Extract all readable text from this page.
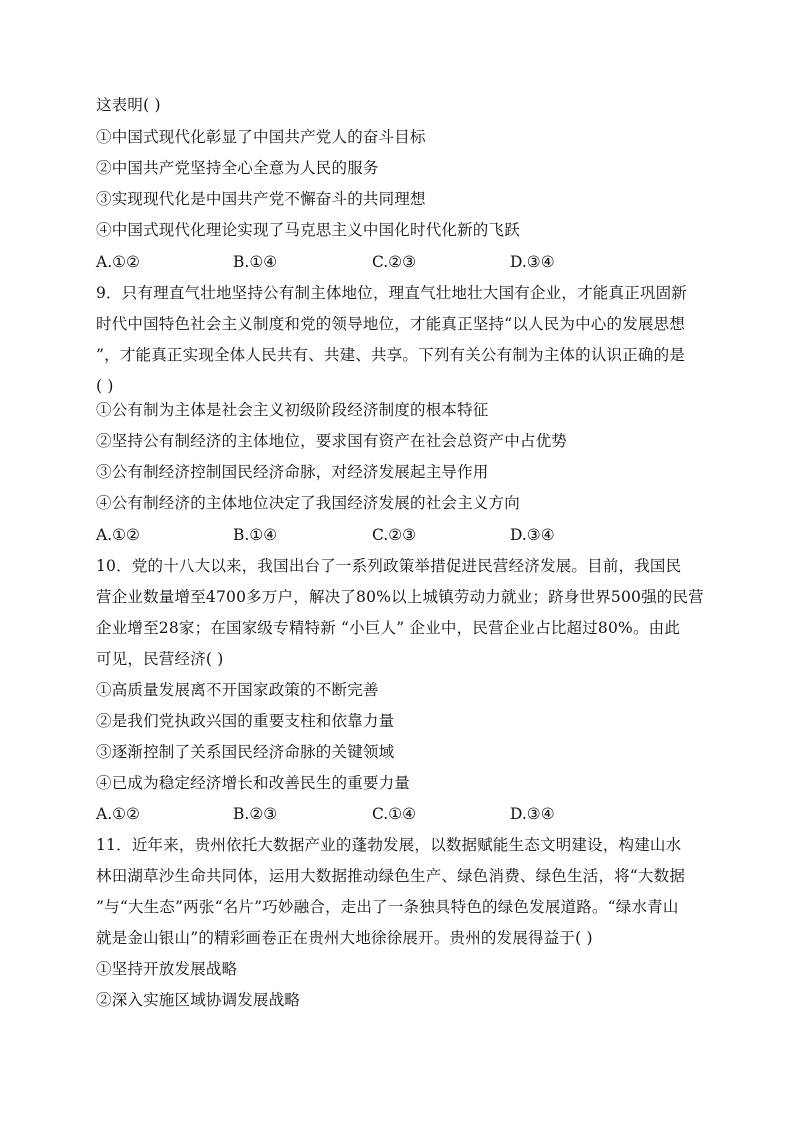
这表明( )
①中国式现代化彰显了中国共产党人的奋斗目标
②中国共产党坚持全心全意为人民的服务
③实现现代化是中国共产党不懈奋斗的共同理想
④中国式现代化理论实现了马克思主义中国化时代化新的飞跃
A.①②	B.①④	C.②③	D.③④
9．只有理直气壮地坚持公有制主体地位，理直气壮地壮大国有企业，才能真正巩固新
时代中国特色社会主义制度和党的领导地位，才能真正坚持“以人民为中心的发展思想
”，才能真正实现全体人民共有、共建、共享。下列有关公有制为主体的认识正确的是
( )
①公有制为主体是社会主义初级阶段经济制度的根本特征
②坚持公有制经济的主体地位，要求国有资产在社会总资产中占优势
③公有制经济控制国民经济命脉，对经济发展起主导作用
④公有制经济的主体地位决定了我国经济发展的社会主义方向
A.①②	B.①④	C.②③	D.③④
10．党的十八大以来，我国出台了一系列政策举措促进民营经济发展。目前，我国民
营企业数量增至4700多万户，解决了80%以上城镇劳动力就业；跻身世界500强的民营
企业增至28家；在国家级专精特新 “小巨人” 企业中，民营企业占比超过80%。由此
可见，民营经济( )
①高质量发展离不开国家政策的不断完善
②是我们党执政兴国的重要支柱和依靠力量
③逐渐控制了关系国民经济命脉的关键领域
④已成为稳定经济增长和改善民生的重要力量
A.①②	B.②③	C.①④	D.③④
11．近年来，贵州依托大数据产业的蓬勃发展，以数据赋能生态文明建设，构建山水
林田湖草沙生命共同体，运用大数据推动绿色生产、绿色消费、绿色生活，将“大数据
”与“大生态”两张“名片”巧妙融合，走出了一条独具特色的绿色发展道路。“绿水青山
就是金山银山”的精彩画卷正在贵州大地徐徐展开。贵州的发展得益于( )
①坚持开放发展战略
②深入实施区域协调发展战略
